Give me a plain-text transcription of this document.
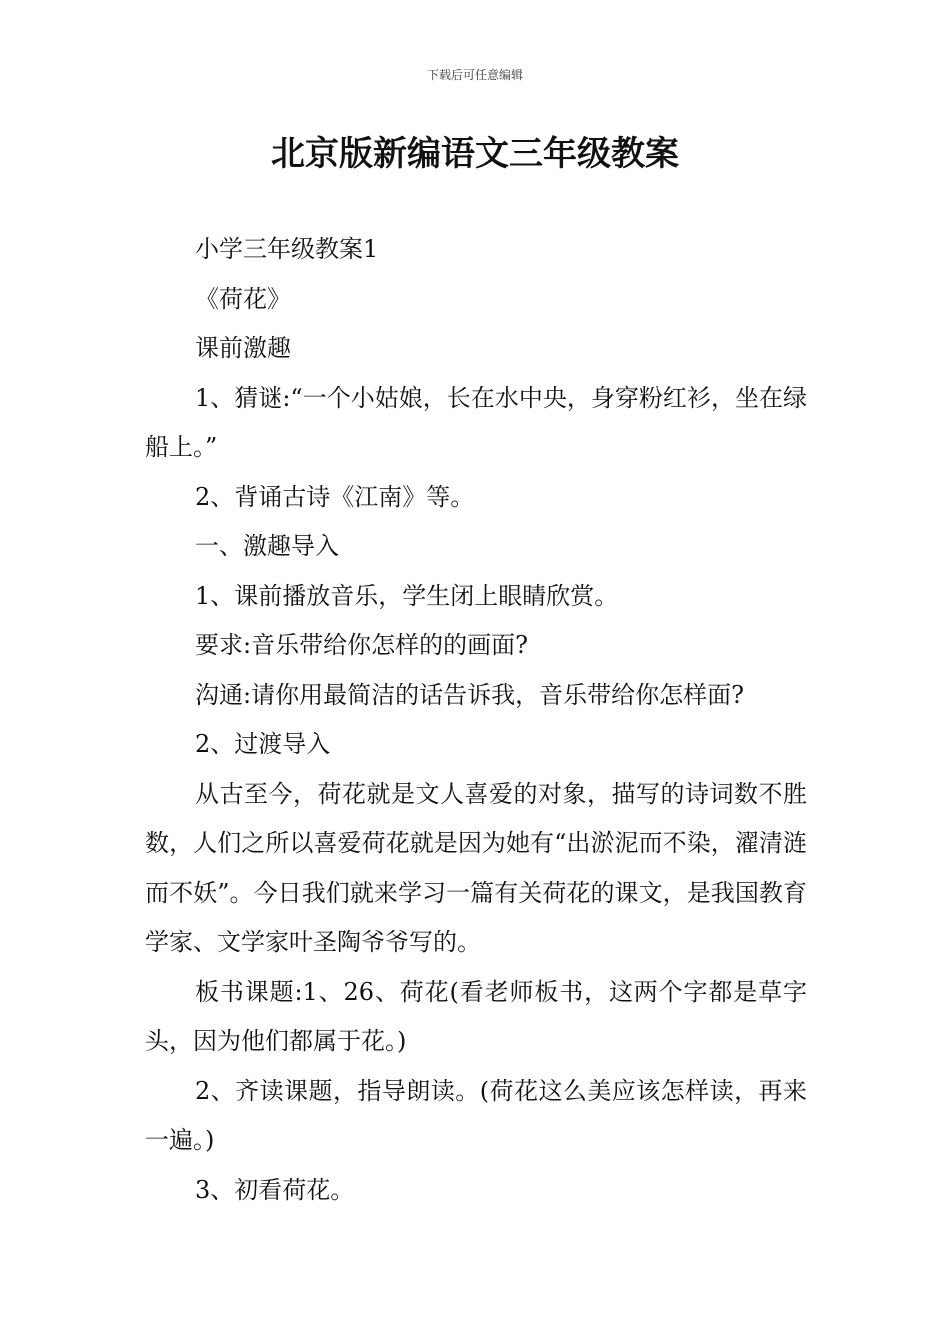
下载后可任意编辑
北京版新编语文三年级教案

小学三年级教案1

《荷花》

课前激趣

1、猜谜:“一个小姑娘，长在水中央，身穿粉红衫，坐在绿船上。”

2、背诵古诗《江南》等。

一、激趣导入

1、课前播放音乐，学生闭上眼睛欣赏。

要求:音乐带给你怎样的的画面?

沟通:请你用最简洁的话告诉我，音乐带给你怎样面?

2、过渡导入

从古至今，荷花就是文人喜爱的对象，描写的诗词数不胜数，人们之所以喜爱荷花就是因为她有“出淤泥而不染，濯清涟而不妖”。今日我们就来学习一篇有关荷花的课文，是我国教育学家、文学家叶圣陶爷爷写的。

板书课题:1、26、荷花(看老师板书，这两个字都是草字头，因为他们都属于花。)

2、齐读课题，指导朗读。(荷花这么美应该怎样读，再来一遍。)

3、初看荷花。
